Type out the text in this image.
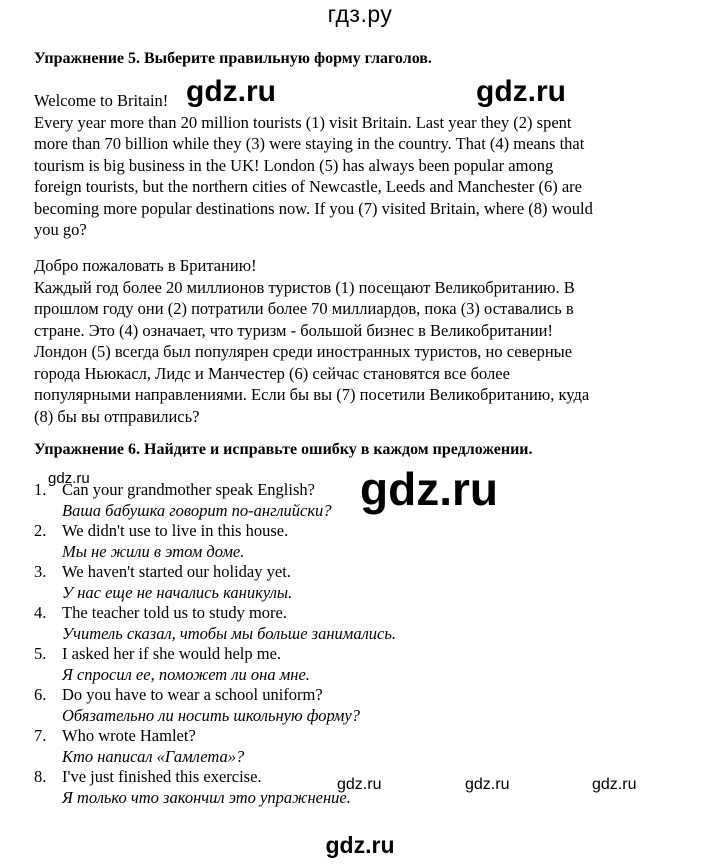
гдз.ру
Упражнение 5. Выберите правильную форму глаголов.

Welcome to Britain!

Every year more than 20 million tourists (1) visit Britain. Last year they (2) spent

more than 70 billion while they (3) were staying in the country. That (4) means that

tourism is big business in the UK! London (5) has always been popular among

foreign tourists, but the northern cities of Newcastle, Leeds and Manchester (6) are

becoming more popular destinations now. If you (7) visited Britain, where (8) would

you go?

gdz.ru	gdz.ru

Добро пожаловать в Британию!

Каждый год более 20 миллионов туристов (1) посещают Великобританию. В

прошлом году они (2) потратили более 70 миллиардов, пока (3) оставались в

стране. Это (4) означает, что туризм - большой бизнес в Великобритании!

Лондон (5) всегда был популярен среди иностранных туристов, но северные

города Ньюкасл, Лидс и Манчестер (6) сейчас становятся все более

популярными направлениями. Если бы вы (7) посетили Великобританию, куда

(8) бы вы отправились?

Упражнение 6. Найдите и исправьте ошибку в каждом предложении.
gdz.ru	gdz.ru
1. Can your grandmother speak English?
Ваша бабушка говорит по-английски?
2. We didn't use to live in this house.
Мы не жили в этом доме.
3. We haven't started our holiday yet.
У нас еще не начались каникулы.
4. The teacher told us to study more.
Учитель сказал, чтобы мы больше занимались.
5. I asked her if she would help me.
Я спросил ее, поможет ли она мне.
6. Do you have to wear a school uniform?
Обязательно ли носить школьную форму?
7. Who wrote Hamlet?
Кто написал «Гамлета»?
8. I've just finished this exercise.
Я только что закончил это упражнение.
gdz.ru	gdz.ru	gdz.ru
gdz.ru
